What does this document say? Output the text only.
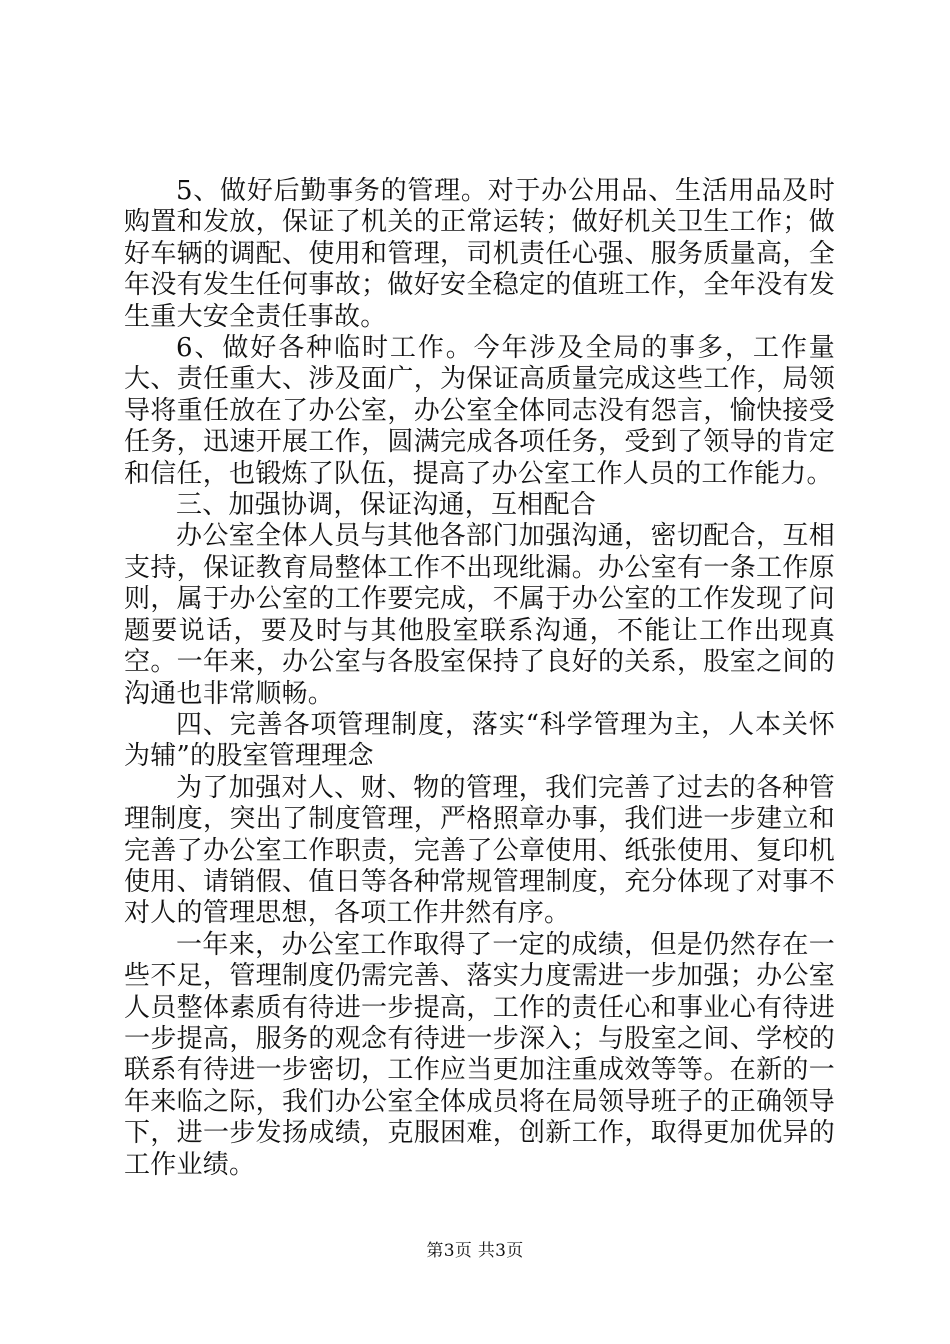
5、做好后勤事务的管理。对于办公用品、生活用品及时购置和发放，保证了机关的正常运转；做好机关卫生工作；做好车辆的调配、使用和管理，司机责任心强、服务质量高，全年没有发生任何事故；做好安全稳定的值班工作，全年没有发生重大安全责任事故。

6、做好各种临时工作。今年涉及全局的事多，工作量大、责任重大、涉及面广，为保证高质量完成这些工作，局领导将重任放在了办公室，办公室全体同志没有怨言，愉快接受任务，迅速开展工作，圆满完成各项任务，受到了领导的肯定和信任，也锻炼了队伍，提高了办公室工作人员的工作能力。

三、加强协调，保证沟通，互相配合

办公室全体人员与其他各部门加强沟通，密切配合，互相支持，保证教育局整体工作不出现纰漏。办公室有一条工作原则，属于办公室的工作要完成，不属于办公室的工作发现了问题要说话，要及时与其他股室联系沟通，不能让工作出现真空。一年来，办公室与各股室保持了良好的关系，股室之间的沟通也非常顺畅。

四、完善各项管理制度，落实“科学管理为主，人本关怀为辅”的股室管理理念

为了加强对人、财、物的管理，我们完善了过去的各种管理制度，突出了制度管理，严格照章办事，我们进一步建立和完善了办公室工作职责，完善了公章使用、纸张使用、复印机使用、请销假、值日等各种常规管理制度，充分体现了对事不对人的管理思想，各项工作井然有序。

一年来，办公室工作取得了一定的成绩，但是仍然存在一些不足，管理制度仍需完善、落实力度需进一步加强；办公室人员整体素质有待进一步提高，工作的责任心和事业心有待进一步提高，服务的观念有待进一步深入；与股室之间、学校的联系有待进一步密切，工作应当更加注重成效等等。在新的一年来临之际，我们办公室全体成员将在局领导班子的正确领导下，进一步发扬成绩，克服困难，创新工作，取得更加优异的工作业绩。

第3页 共3页
